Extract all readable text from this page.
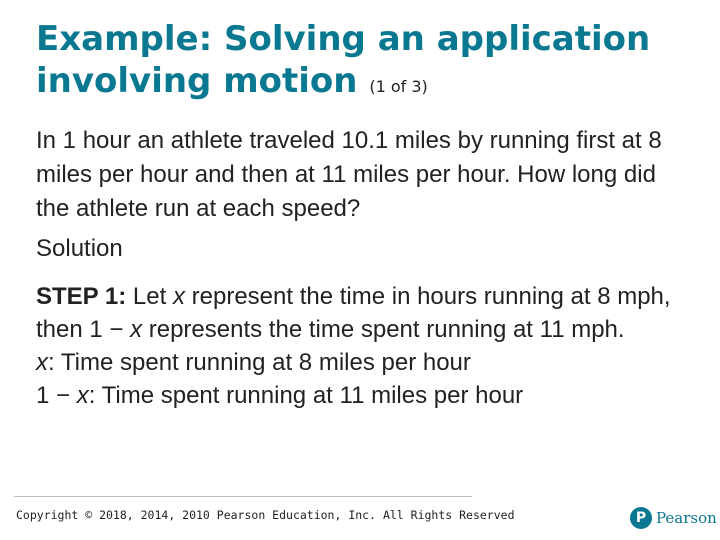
Example: Solving an application involving motion (1 of 3)

In 1 hour an athlete traveled 10.1 miles by running first at 8 miles per hour and then at 11 miles per hour. How long did the athlete run at each speed?

Solution

STEP 1: Let x represent the time in hours running at 8 mph, then 1 − x represents the time spent running at 11 mph.
x: Time spent running at 8 miles per hour
1 − x: Time spent running at 11 miles per hour
Copyright © 2018, 2014, 2010 Pearson Education, Inc. All Rights Reserved	P Pearson
